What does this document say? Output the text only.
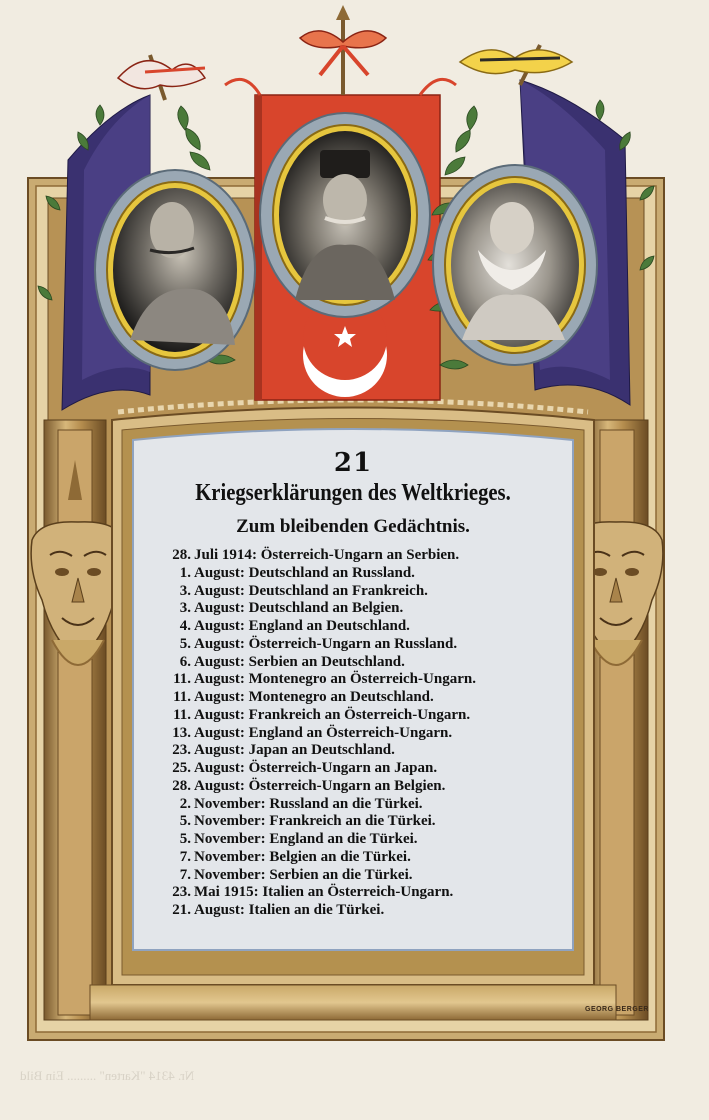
21
Kriegserklärungen des Weltkrieges.
Zum bleibenden Gedächtnis.
28. Juli 1914: Österreich-Ungarn an Serbien.
1. August: Deutschland an Russland.
3. August: Deutschland an Frankreich.
3. August: Deutschland an Belgien.
4. August: England an Deutschland.
5. August: Österreich-Ungarn an Russland.
6. August: Serbien an Deutschland.
11. August: Montenegro an Österreich-Ungarn.
11. August: Montenegro an Deutschland.
11. August: Frankreich an Österreich-Ungarn.
13. August: England an Österreich-Ungarn.
23. August: Japan an Deutschland.
25. August: Österreich-Ungarn an Japan.
28. August: Österreich-Ungarn an Belgien.
2. November: Russland an die Türkei.
5. November: Frankreich an die Türkei.
5. November: England an die Türkei.
7. November: Belgien an die Türkei.
7. November: Serbien an die Türkei.
23. Mai 1915: Italien an Österreich-Ungarn.
21. August: Italien an die Türkei.
GEORG BERGER
Nr. 4314 "Karten" ......... Ein Bild
